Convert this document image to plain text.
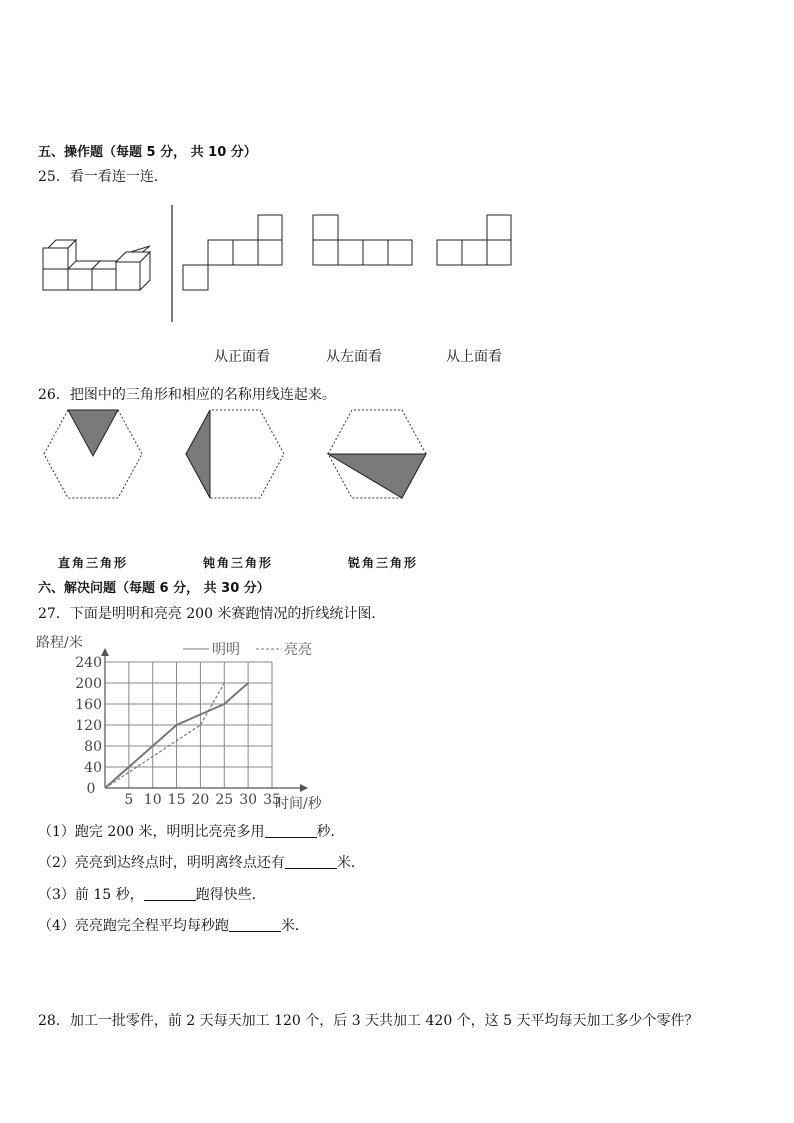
五、操作题（每题 5 分， 共 10 分）
25．看一看连一连．
从正面看	从左面看	从上面看
26．把图中的三角形和相应的名称用线连起来。
直角三角形	钝角三角形	锐角三角形
六、解决问题（每题 6 分， 共 30 分）
27．下面是明明和亮亮 200 米赛跑情况的折线统计图．
路程/米	明明	亮亮
时间/秒
0
5 10 15 20 25 30 35
40
80
120
160
200
240
（1）跑完 200 米，明明比亮亮多用	秒．
（2）亮亮到达终点时，明明离终点还有	米．
（3）前 15 秒，	跑得快些．
（4）亮亮跑完全程平均每秒跑	米．
28．加工一批零件，前 2 天每天加工 120 个，后 3 天共加工 420 个，这 5 天平均每天加工多少个零件？
